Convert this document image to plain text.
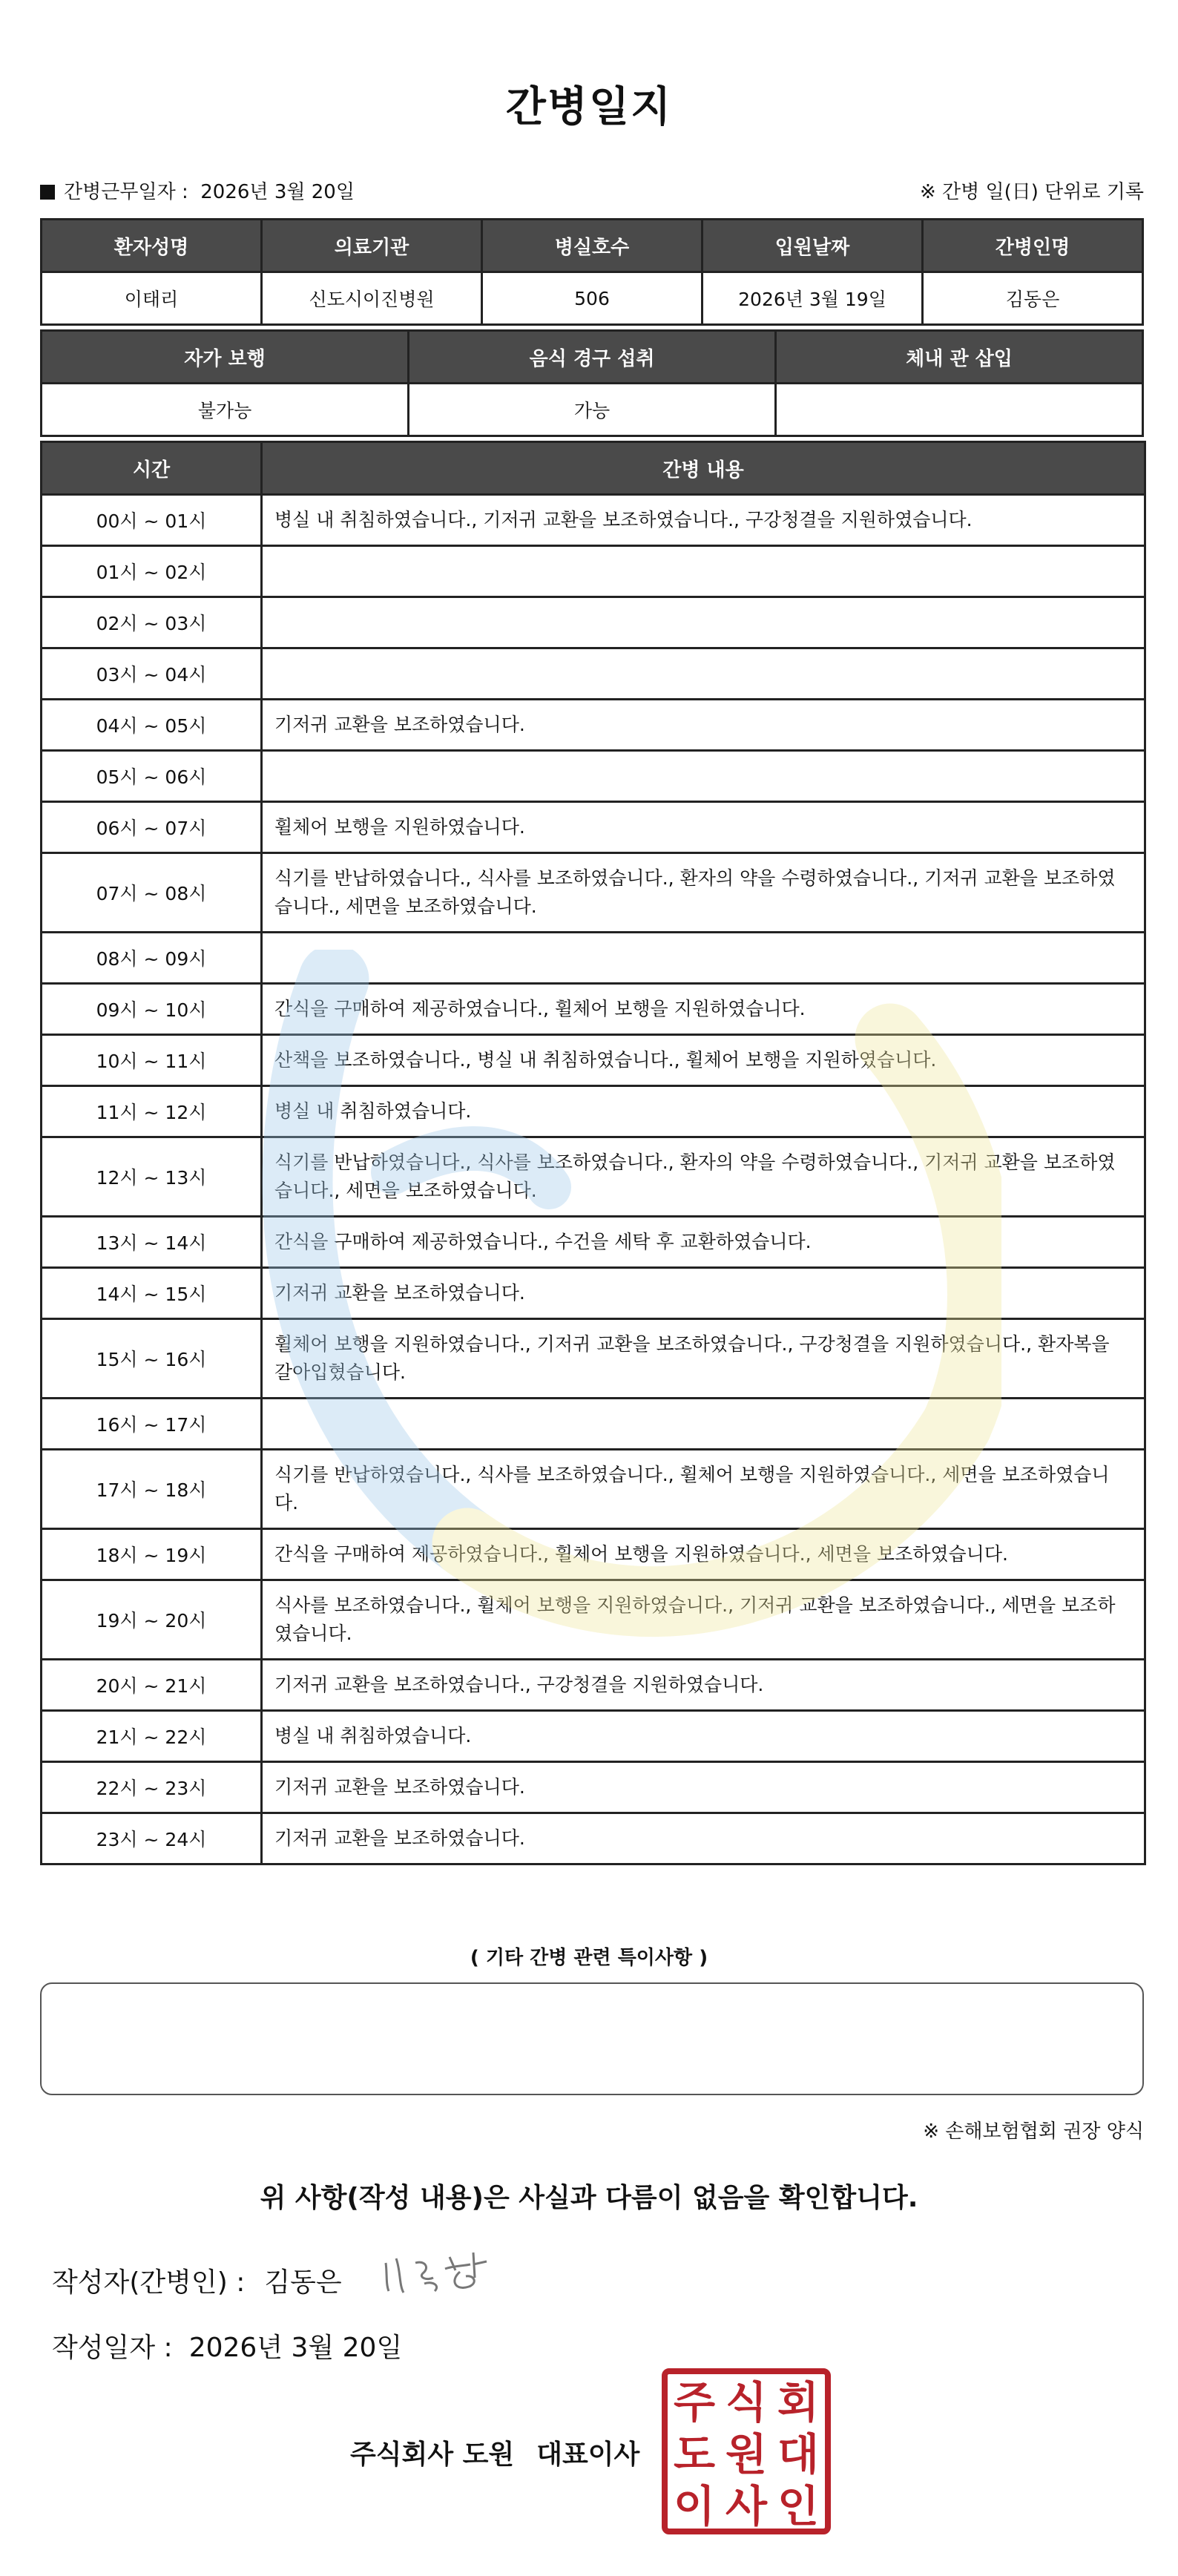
간병일지
간병근무일자 : 2026년 3월 20일	※ 간병 일(日) 단위로 기록
환자성명	의료기관	병실호수	입원날짜	간병인명
이태리	신도시이진병원	506	2026년 3월 19일	김동은
자가 보행	음식 경구 섭취	체내 관 삽입
불가능	가능	
시간	간병 내용
00시 ~ 01시	병실 내 취침하였습니다., 기저귀 교환을 보조하였습니다., 구강청결을 지원하였습니다.
01시 ~ 02시	
02시 ~ 03시	
03시 ~ 04시	
04시 ~ 05시	기저귀 교환을 보조하였습니다.
05시 ~ 06시	
06시 ~ 07시	휠체어 보행을 지원하였습니다.
07시 ~ 08시	식기를 반납하였습니다., 식사를 보조하였습니다., 환자의 약을 수령하였습니다., 기저귀 교환을 보조하였습니다., 세면을 보조하였습니다.
08시 ~ 09시	
09시 ~ 10시	간식을 구매하여 제공하였습니다., 휠체어 보행을 지원하였습니다.
10시 ~ 11시	산책을 보조하였습니다., 병실 내 취침하였습니다., 휠체어 보행을 지원하였습니다.
11시 ~ 12시	병실 내 취침하였습니다.
12시 ~ 13시	식기를 반납하였습니다., 식사를 보조하였습니다., 환자의 약을 수령하였습니다., 기저귀 교환을 보조하였습니다., 세면을 보조하였습니다.
13시 ~ 14시	간식을 구매하여 제공하였습니다., 수건을 세탁 후 교환하였습니다.
14시 ~ 15시	기저귀 교환을 보조하였습니다.
15시 ~ 16시	휠체어 보행을 지원하였습니다., 기저귀 교환을 보조하였습니다., 구강청결을 지원하였습니다., 환자복을 갈아입혔습니다.
16시 ~ 17시	
17시 ~ 18시	식기를 반납하였습니다., 식사를 보조하였습니다., 휠체어 보행을 지원하였습니다., 세면을 보조하였습니다.
18시 ~ 19시	간식을 구매하여 제공하였습니다., 휠체어 보행을 지원하였습니다., 세면을 보조하였습니다.
19시 ~ 20시	식사를 보조하였습니다., 휠체어 보행을 지원하였습니다., 기저귀 교환을 보조하였습니다., 세면을 보조하였습니다.
20시 ~ 21시	기저귀 교환을 보조하였습니다., 구강청결을 지원하였습니다.
21시 ~ 22시	병실 내 취침하였습니다.
22시 ~ 23시	기저귀 교환을 보조하였습니다.
23시 ~ 24시	기저귀 교환을 보조하였습니다.
( 기타 간병 관련 특이사항 )
※ 손해보험협회 권장 양식
위 사항(작성 내용)은 사실과 다름이 없음을 확인합니다.
작성자(간병인) : 김동은
작성일자 : 2026년 3월 20일
주식회사 도원 대표이사
주 식 회
도 원 대
이 사 인
